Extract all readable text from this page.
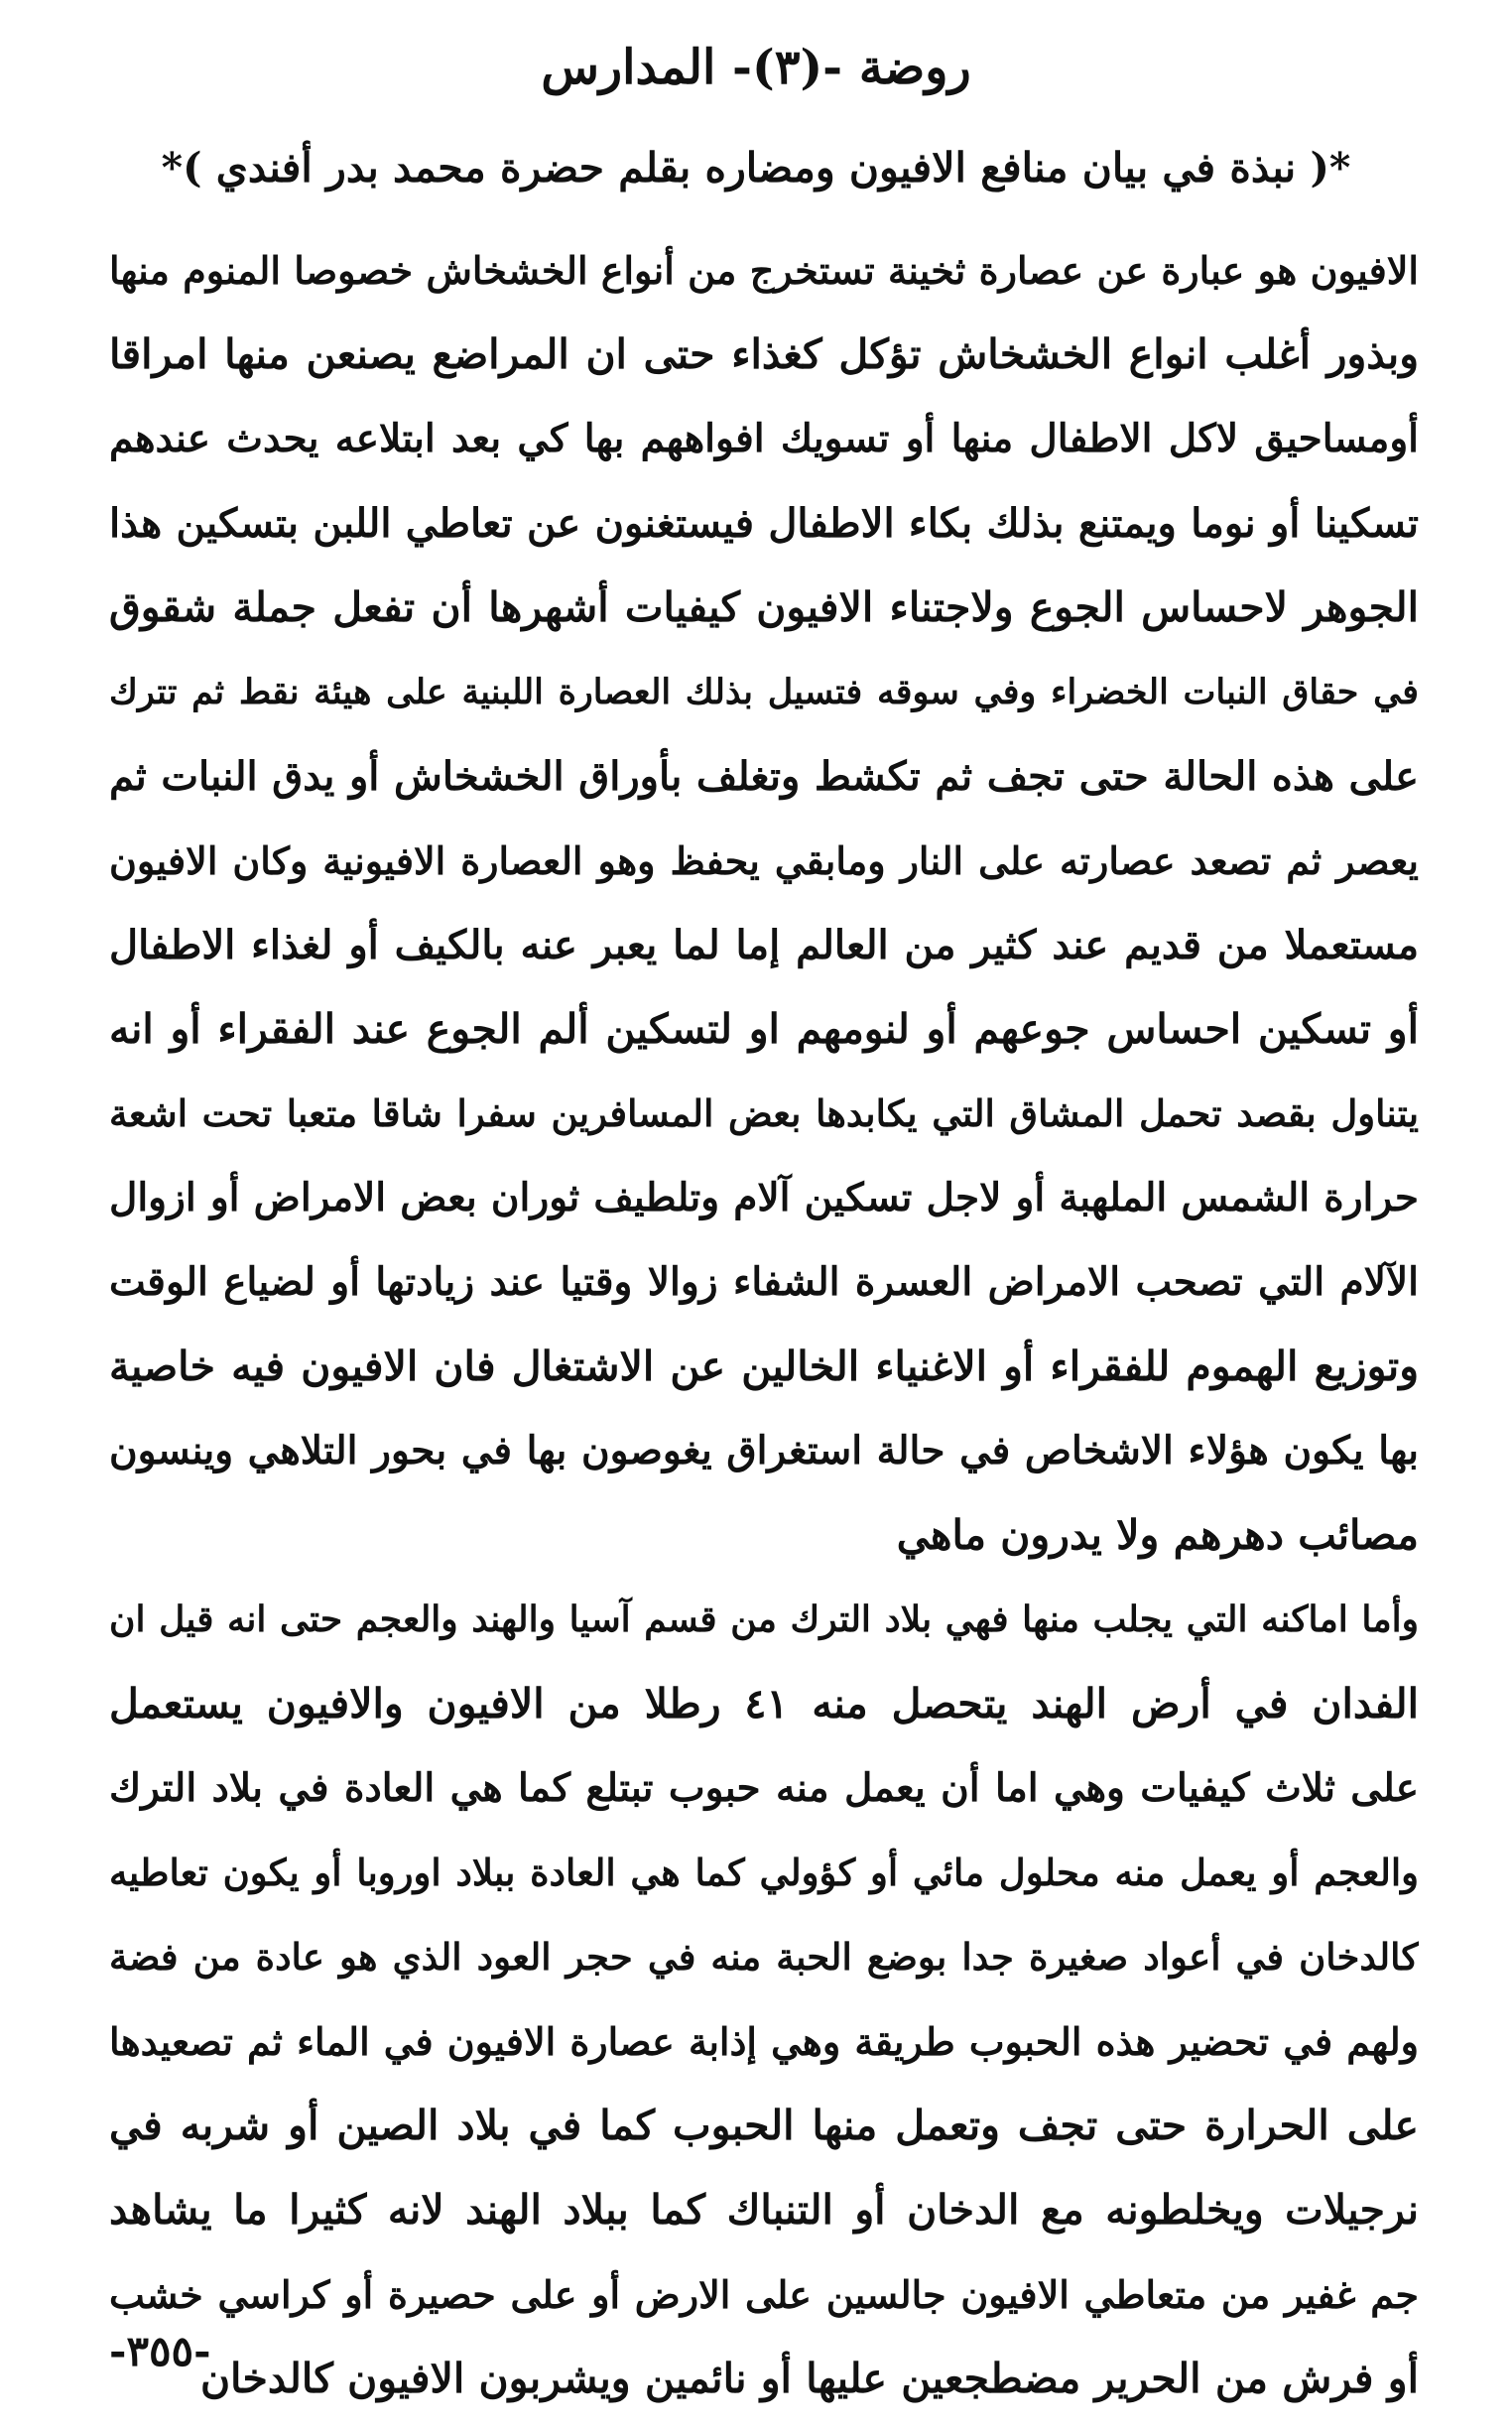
روضة -(٣)- المدارس
*( نبذة في بيان منافع الافيون ومضاره بقلم حضرة محمد بدر أفندي )*
الافيون هو عبارة عن عصارة ثخينة تستخرج من أنواع الخشخاش خصوصا المنوم منها
وبذور أغلب انواع الخشخاش تؤكل كغذاء حتى ان المراضع يصنعن منها امراقا
أومساحيق لاكل الاطفال منها أو تسويك افواههم بها كي بعد ابتلاعه يحدث عندهم
تسكينا أو نوما ويمتنع بذلك بكاء الاطفال فيستغنون عن تعاطي اللبن بتسكين هذا
الجوهر لاحساس الجوع ولاجتناء الافيون كيفيات أشهرها أن تفعل جملة شقوق
في حقاق النبات الخضراء وفي سوقه فتسيل بذلك العصارة اللبنية على هيئة نقط ثم تترك
على هذه الحالة حتى تجف ثم تكشط وتغلف بأوراق الخشخاش أو يدق النبات ثم
يعصر ثم تصعد عصارته على النار ومابقي يحفظ وهو العصارة الافيونية وكان الافيون
مستعملا من قديم عند كثير من العالم إما لما يعبر عنه بالكيف أو لغذاء الاطفال
أو تسكين احساس جوعهم أو لنومهم او لتسكين ألم الجوع عند الفقراء أو انه
يتناول بقصد تحمل المشاق التي يكابدها بعض المسافرين سفرا شاقا متعبا تحت اشعة
حرارة الشمس الملهبة أو لاجل تسكين آلام وتلطيف ثوران بعض الامراض أو ازوال
الآلام التي تصحب الامراض العسرة الشفاء زوالا وقتيا عند زيادتها أو لضياع الوقت
وتوزيع الهموم للفقراء أو الاغنياء الخالين عن الاشتغال فان الافيون فيه خاصية
بها يكون هؤلاء الاشخاص في حالة استغراق يغوصون بها في بحور التلاهي وينسون
مصائب دهرهم ولا يدرون ماهي
وأما اماكنه التي يجلب منها فهي بلاد الترك من قسم آسيا والهند والعجم حتى انه قيل ان
الفدان في أرض الهند يتحصل منه ٤١ رطلا من الافيون والافيون يستعمل
على ثلاث كيفيات وهي اما أن يعمل منه حبوب تبتلع كما هي العادة في بلاد الترك
والعجم أو يعمل منه محلول مائي أو كؤولي كما هي العادة ببلاد اوروبا أو يكون تعاطيه
كالدخان في أعواد صغيرة جدا بوضع الحبة منه في حجر العود الذي هو عادة من فضة
ولهم في تحضير هذه الحبوب طريقة وهي إذابة عصارة الافيون في الماء ثم تصعيدها
على الحرارة حتى تجف وتعمل منها الحبوب كما في بلاد الصين أو شربه في
نرجيلات ويخلطونه مع الدخان أو التنباك كما ببلاد الهند لانه كثيرا ما يشاهد
جم غفير من متعاطي الافيون جالسين على الارض أو على حصيرة أو كراسي خشب
أو فرش من الحرير مضطجعين عليها أو نائمين ويشربون الافيون كالدخان
-٣٥٥-
